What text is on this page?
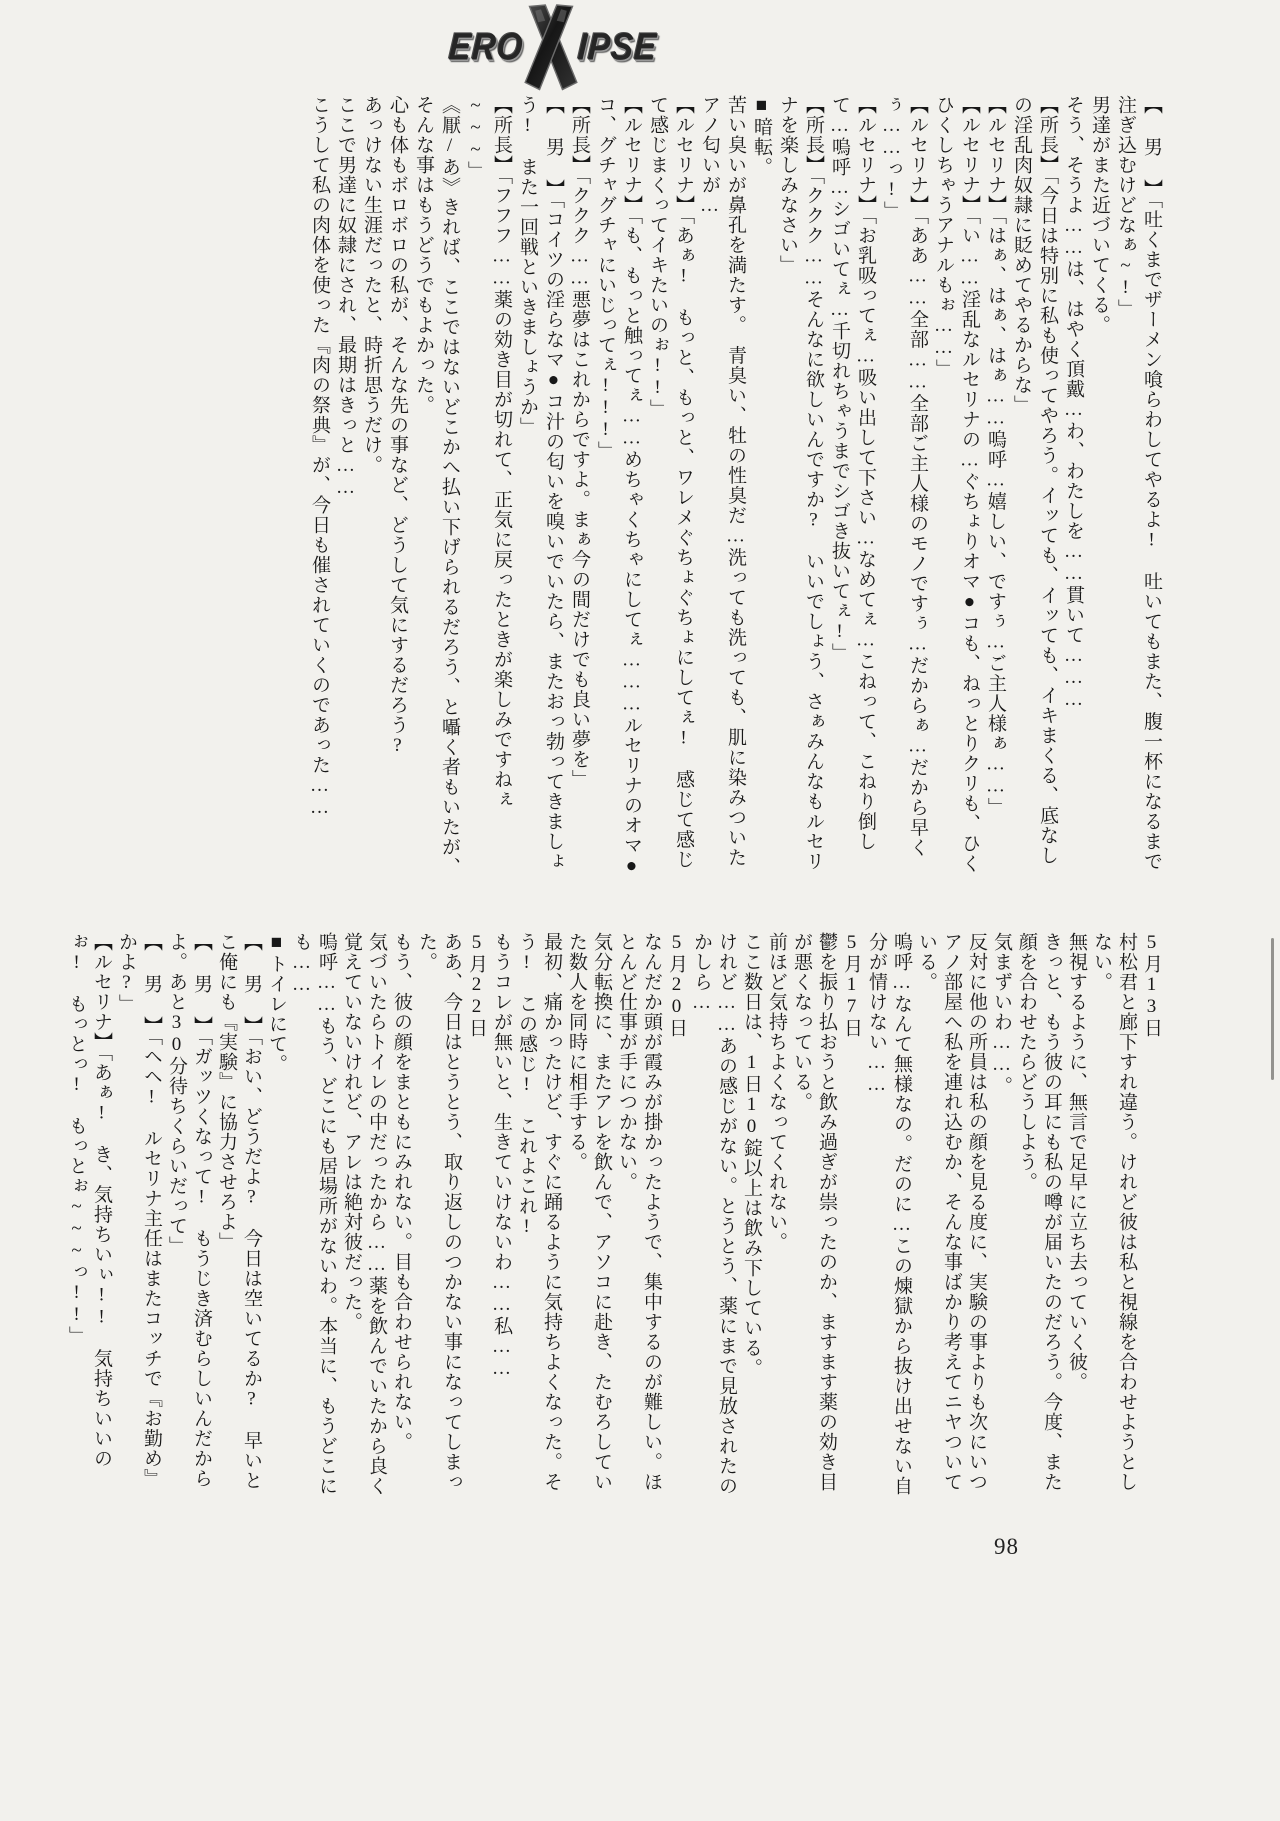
ERO IPSE

【 男 】「吐くまでザーメン喰らわしてやるよ!　吐いてもまた、腹一杯になるまで注ぎ込むけどなぁ~!」

男達がまた近づいてくる。

そう、そうよ……は、はやく頂戴…わ、わたしを……貫いて………

【所長】「今日は特別に私も使ってやろう。イッても、イッても、イキまくる、底なしの淫乱肉奴隷に貶めてやるからな」

【ルセリナ】「はぁ、はぁ、はぁ……嗚呼…嬉しい、ですぅ…ご主人様ぁ……」

【ルセリナ】「い……淫乱なルセリナの…ぐちょりオマ●コも、ねっとりクリも、ひくひくしちゃうアナルもぉ……」

【ルセリナ】「ああ……全部……全部ご主人様のモノですぅ…だからぁ…だから早くぅ……っ!」

【ルセリナ】「お乳吸ってぇ…吸い出して下さい…なめてぇ…こねって、こねり倒して…嗚呼…シゴいてぇ…千切れちゃうまでシゴき抜いてぇ!」

【所長】「ククク……そんなに欲しいんですか?　いいでしょう、さぁみんなもルセリナを楽しみなさい」

■暗転。

苦い臭いが鼻孔を満たす。　青臭い、牡の性臭だ…洗っても洗っても、肌に染みついたアノ匂いが…

【ルセリナ】「あぁ!　もっと、もっと、ワレメぐちょぐちょにしてぇ!　感じて感じて感じまくってイキたいのぉ!!」

【ルセリナ】「も、もっと触ってぇ……めちゃくちゃにしてぇ………ルセリナのオマ●コ、グチャグチャにいじってぇ!!!」

【所長】「ククク……悪夢はこれからですよ。まぁ今の間だけでも良い夢を」

【 男 】「コイツの淫らなマ●コ汁の匂いを嗅いでいたら、またおっ勃ってきましょう!　また一回戦といきましょうか」

【所長】「フフフ……薬の効き目が切れて、正気に戻ったときが楽しみですねぇ~~~」

《厭/あ》きれば、ここではないどこかへ払い下げられるだろう、と囁く者もいたが、そんな事はもうどうでもよかった。

心も体もボロボロの私が、そんな先の事など、どうして気にするだろう?

あっけない生涯だったと、時折思うだけ。

ここで男達に奴隷にされ、最期はきっと……

こうして私の肉体を使った『肉の祭典』が、今日も催されていくのであった……

5月13日

村松君と廊下すれ違う。けれど彼は私と視線を合わせようとしない。

無視するように、無言で足早に立ち去っていく彼。

きっと、もう彼の耳にも私の噂が届いたのだろう。今度、また顔を合わせたらどうしよう。

気まずいわ……。

反対に他の所員は私の顔を見る度に、実験の事よりも次にいつアノ部屋へ私を連れ込むか、そんな事ばかり考えてニヤついている。

嗚呼…なんて無様なの。だのに…この煉獄から抜け出せない自分が情けない……

5月17日

鬱を振り払おうと飲み過ぎが祟ったのか、ますます薬の効き目が悪くなっている。

前ほど気持ちよくなってくれない。

ここ数日は、1日10錠以上は飲み下している。

けれど……あの感じがない。とうとう、薬にまで見放されたのかしら…

5月20日

なんだか頭が霞みが掛かったようで、集中するのが難しい。ほとんど仕事が手につかない。

気分転換に、またアレを飲んで、アソコに赴き、たむろしていた数人を同時に相手する。

最初、痛かったけど、すぐに踊るように気持ちよくなった。そう!　この感じ!　これよこれ!

もうコレが無いと、生きていけないわ……私……

5月22日

ああ、今日はとうとう、取り返しのつかない事になってしまった。

もう、彼の顔をまともにみれない。目も合わせられない。

気づいたらトイレの中だったから……薬を飲んでいたから良く覚えていないけれど、アレは絶対彼だった。

嗚呼……もう、どこにも居場所がないわ。本当に、もうどこにも……

■トイレにて。

【 男 】「おい、どうだよ?　今日は空いてるか?　早いとこ俺にも『実験』に協力させろよ」

【 男 】「ガッツくなって!　もうじき済むらしいんだからよ。あと30分待ちくらいだって」

【 男 】「ヘヘ!　ルセリナ主任はまたコッチで『お勤め』かよ?」

【ルセリナ】「あぁ!　き、気持ちいぃ!!　気持ちいいのぉ!　もっとっ!　もっとぉ~~~っ!!」

98
